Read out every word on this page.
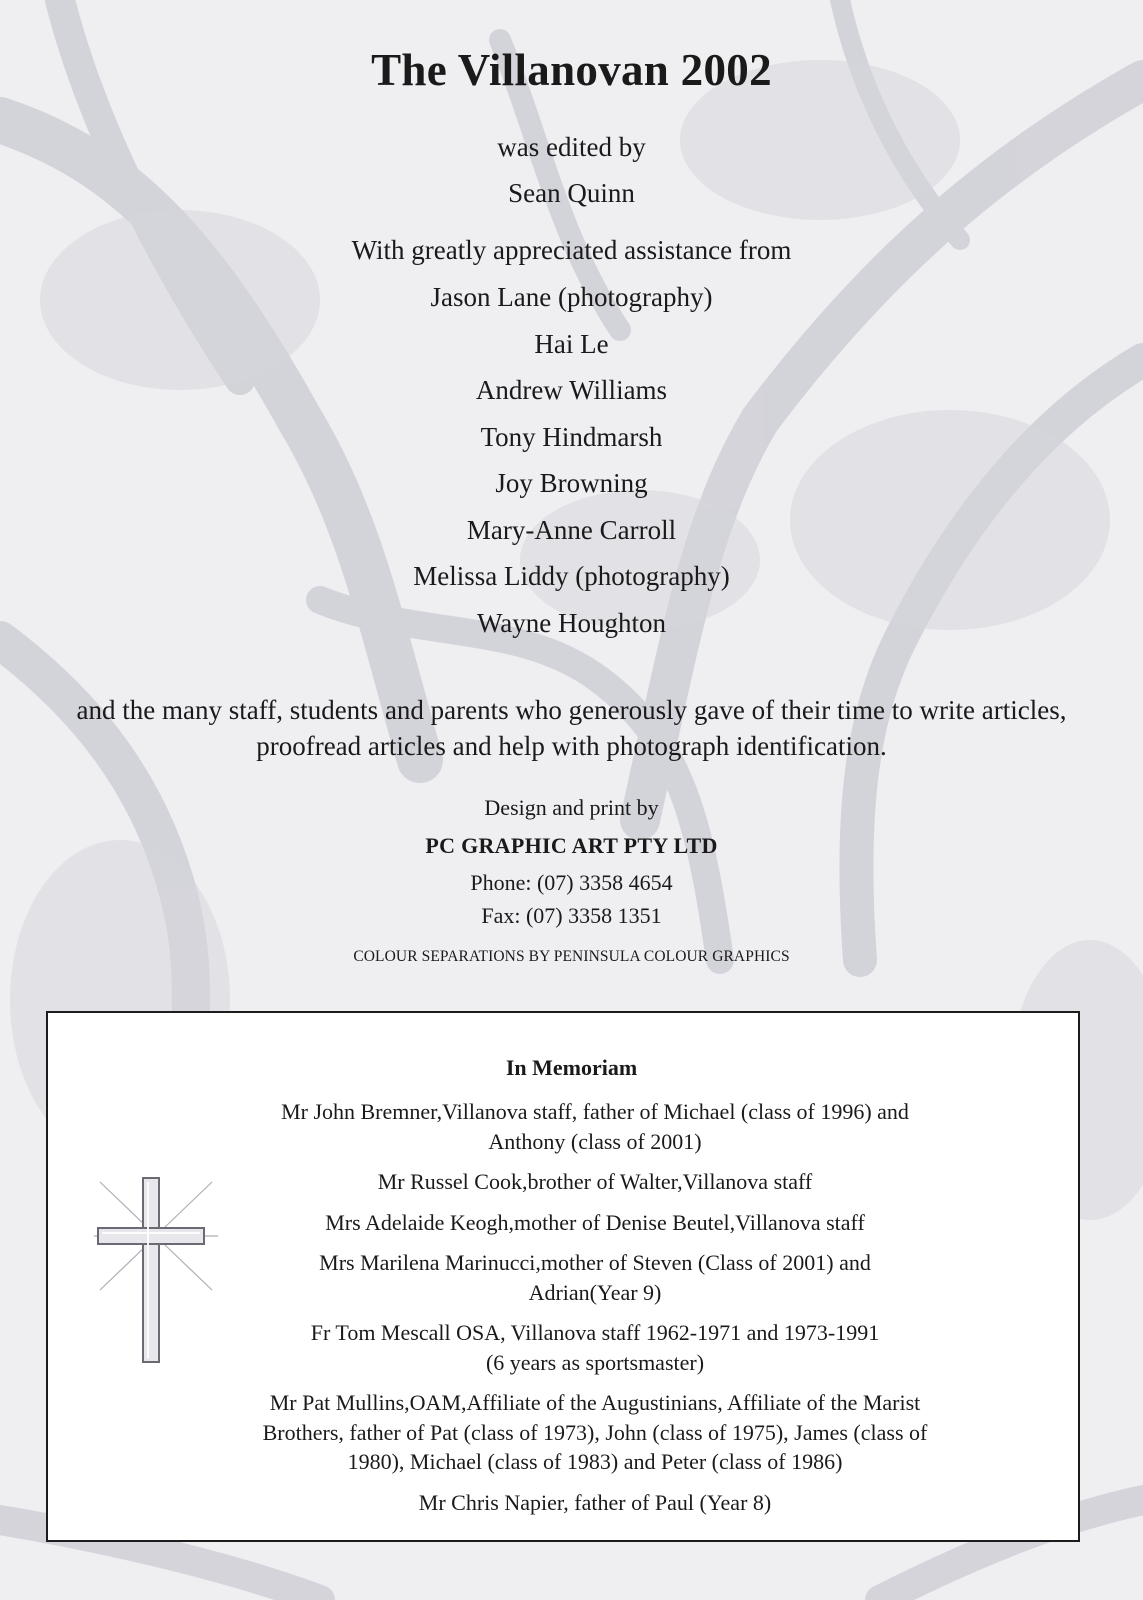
The Villanovan 2002
was edited by
Sean Quinn
With greatly appreciated assistance from
Jason Lane (photography)
Hai Le
Andrew Williams
Tony Hindmarsh
Joy Browning
Mary-Anne Carroll
Melissa Liddy (photography)
Wayne Houghton
and the many staff, students and parents who generously gave of their time to write articles,
proofread articles and help with photograph identification.
Design and print by
PC GRAPHIC ART PTY LTD
Phone: (07) 3358 4654
Fax: (07) 3358 1351
COLOUR SEPARATIONS BY PENINSULA COLOUR GRAPHICS
In Memoriam
Mr John Bremner,Villanova staff, father of Michael (class of 1996) and
Anthony (class of 2001)
Mr Russel Cook,brother of Walter,Villanova staff
Mrs Adelaide Keogh,mother of Denise Beutel,Villanova staff
Mrs Marilena Marinucci,mother of Steven (Class of 2001) and
Adrian(Year 9)
Fr Tom Mescall OSA, Villanova staff 1962-1971 and 1973-1991
(6 years as sportsmaster)
Mr Pat Mullins,OAM,Affiliate of the Augustinians, Affiliate of the Marist
Brothers, father of Pat (class of 1973), John (class of 1975), James (class of
1980), Michael (class of 1983) and Peter (class of 1986)
Mr Chris Napier, father of Paul (Year 8)
